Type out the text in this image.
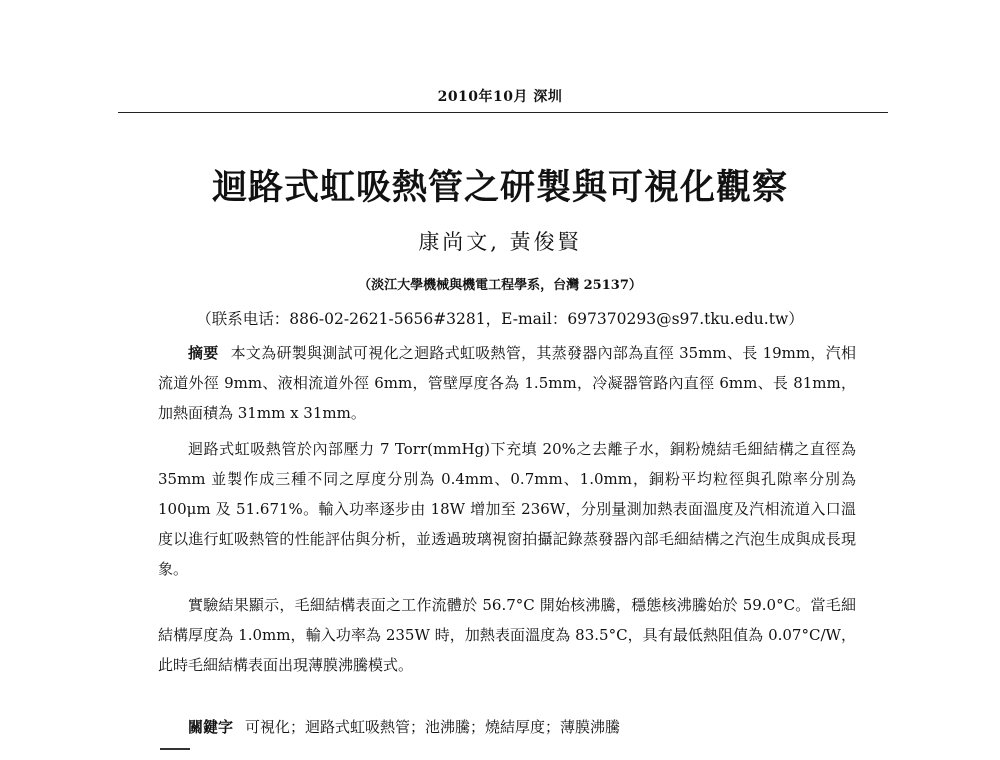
2010年10月 深圳
迴路式虹吸熱管之研製與可視化觀察
康尚文, 黃俊賢
（淡江大學機械與機電工程學系，台灣 25137）
（联系电话：886-02-2621-5656#3281，E-mail：697370293@s97.tku.edu.tw）

摘要 本文為研製與測試可視化之迴路式虹吸熱管，其蒸發器內部為直徑 35mm、長 19mm，汽相流道外徑 9mm、液相流道外徑 6mm，管壁厚度各為 1.5mm，冷凝器管路內直徑 6mm、長 81mm，加熱面積為 31mm x 31mm。

迴路式虹吸熱管於內部壓力 7 Torr(mmHg)下充填 20%之去離子水，銅粉燒結毛細結構之直徑為 35mm 並製作成三種不同之厚度分別為 0.4mm、0.7mm、1.0mm，銅粉平均粒徑與孔隙率分別為 100μm 及 51.671%。輸入功率逐步由 18W 增加至 236W，分別量測加熱表面溫度及汽相流道入口溫度以進行虹吸熱管的性能評估與分析，並透過玻璃視窗拍攝記錄蒸發器內部毛細結構之汽泡生成與成長現象。

實驗結果顯示，毛細結構表面之工作流體於 56.7°C 開始核沸騰，穩態核沸騰始於 59.0°C。當毛細結構厚度為 1.0mm，輸入功率為 235W 時，加熱表面溫度為 83.5°C，具有最低熱阻值為 0.07°C/W，此時毛細結構表面出現薄膜沸騰模式。

關鍵字 可視化；迴路式虹吸熱管；池沸騰；燒結厚度；薄膜沸騰
